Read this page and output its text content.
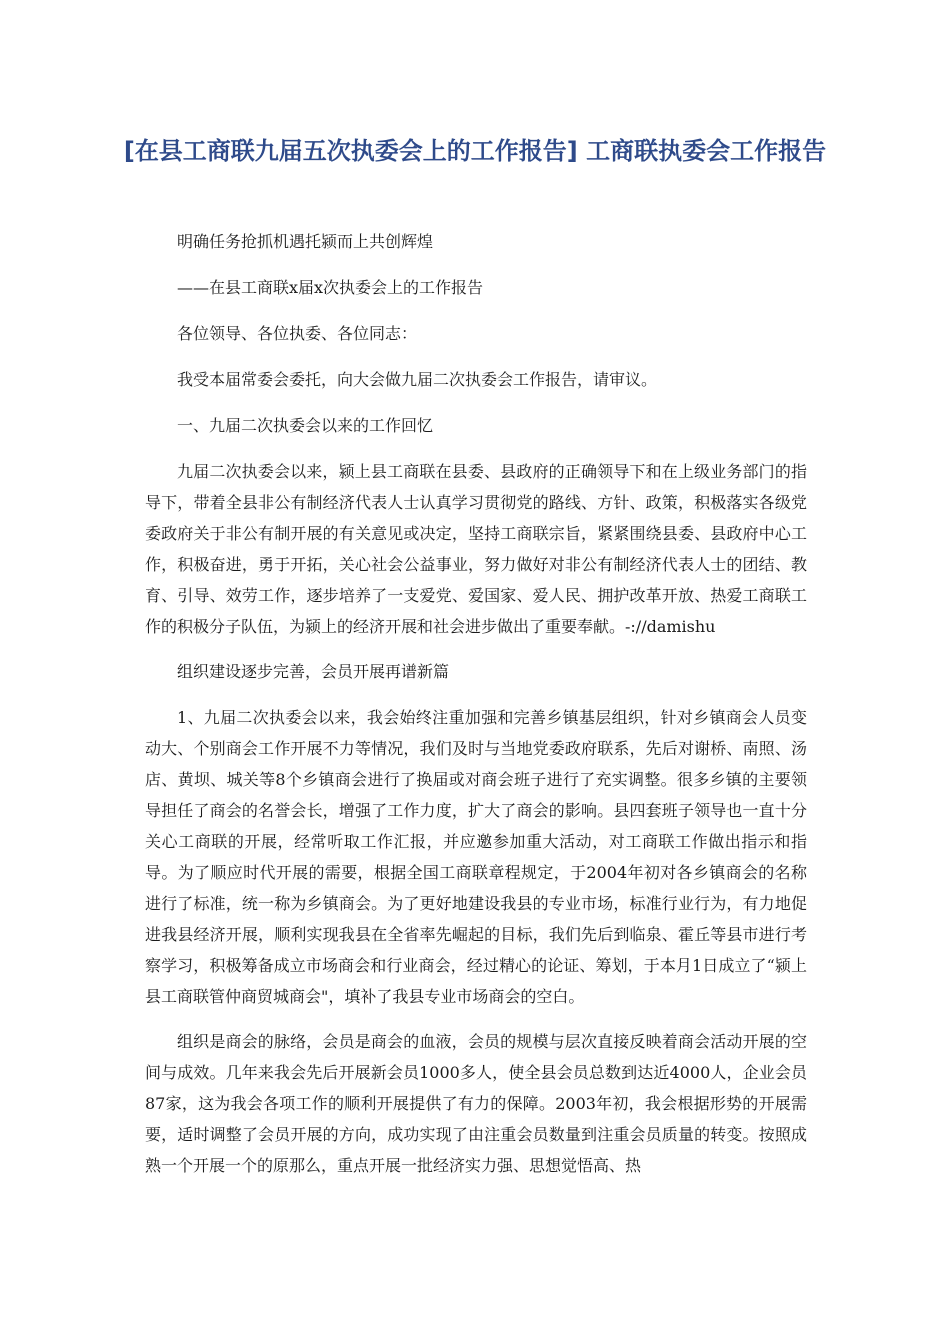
[在县工商联九届五次执委会上的工作报告] 工商联执委会工作报告

明确任务抢抓机遇托颍而上共创辉煌

——在县工商联x届x次执委会上的工作报告

各位领导、各位执委、各位同志：

我受本届常委会委托，向大会做九届二次执委会工作报告，请审议。

一、九届二次执委会以来的工作回忆

九届二次执委会以来，颍上县工商联在县委、县政府的正确领导下和在上级业务部门的指导下，带着全县非公有制经济代表人士认真学习贯彻党的路线、方针、政策，积极落实各级党委政府关于非公有制开展的有关意见或决定，坚持工商联宗旨，紧紧围绕县委、县政府中心工作，积极奋进，勇于开拓，关心社会公益事业，努力做好对非公有制经济代表人士的团结、教育、引导、效劳工作，逐步培养了一支爱党、爱国家、爱人民、拥护改革开放、热爱工商联工作的积极分子队伍，为颍上的经济开展和社会进步做出了重要奉献。-://damishu

组织建设逐步完善，会员开展再谱新篇

1、九届二次执委会以来，我会始终注重加强和完善乡镇基层组织，针对乡镇商会人员变动大、个别商会工作开展不力等情况，我们及时与当地党委政府联系，先后对谢桥、南照、汤店、黄坝、城关等8个乡镇商会进行了换届或对商会班子进行了充实调整。很多乡镇的主要领导担任了商会的名誉会长，增强了工作力度，扩大了商会的影响。县四套班子领导也一直十分关心工商联的开展，经常听取工作汇报，并应邀参加重大活动，对工商联工作做出指示和指导。为了顺应时代开展的需要，根据全国工商联章程规定，于2004年初对各乡镇商会的名称进行了标准，统一称为乡镇商会。为了更好地建设我县的专业市场，标准行业行为，有力地促进我县经济开展，顺利实现我县在全省率先崛起的目标，我们先后到临泉、霍丘等县市进行考察学习，积极筹备成立市场商会和行业商会，经过精心的论证、筹划，于本月1日成立了“颍上县工商联管仲商贸城商会"，填补了我县专业市场商会的空白。

组织是商会的脉络，会员是商会的血液，会员的规模与层次直接反映着商会活动开展的空间与成效。几年来我会先后开展新会员1000多人，使全县会员总数到达近4000人，企业会员87家，这为我会各项工作的顺利开展提供了有力的保障。2003年初，我会根据形势的开展需要，适时调整了会员开展的方向，成功实现了由注重会员数量到注重会员质量的转变。按照成熟一个开展一个的原那么，重点开展一批经济实力强、思想觉悟高、热
